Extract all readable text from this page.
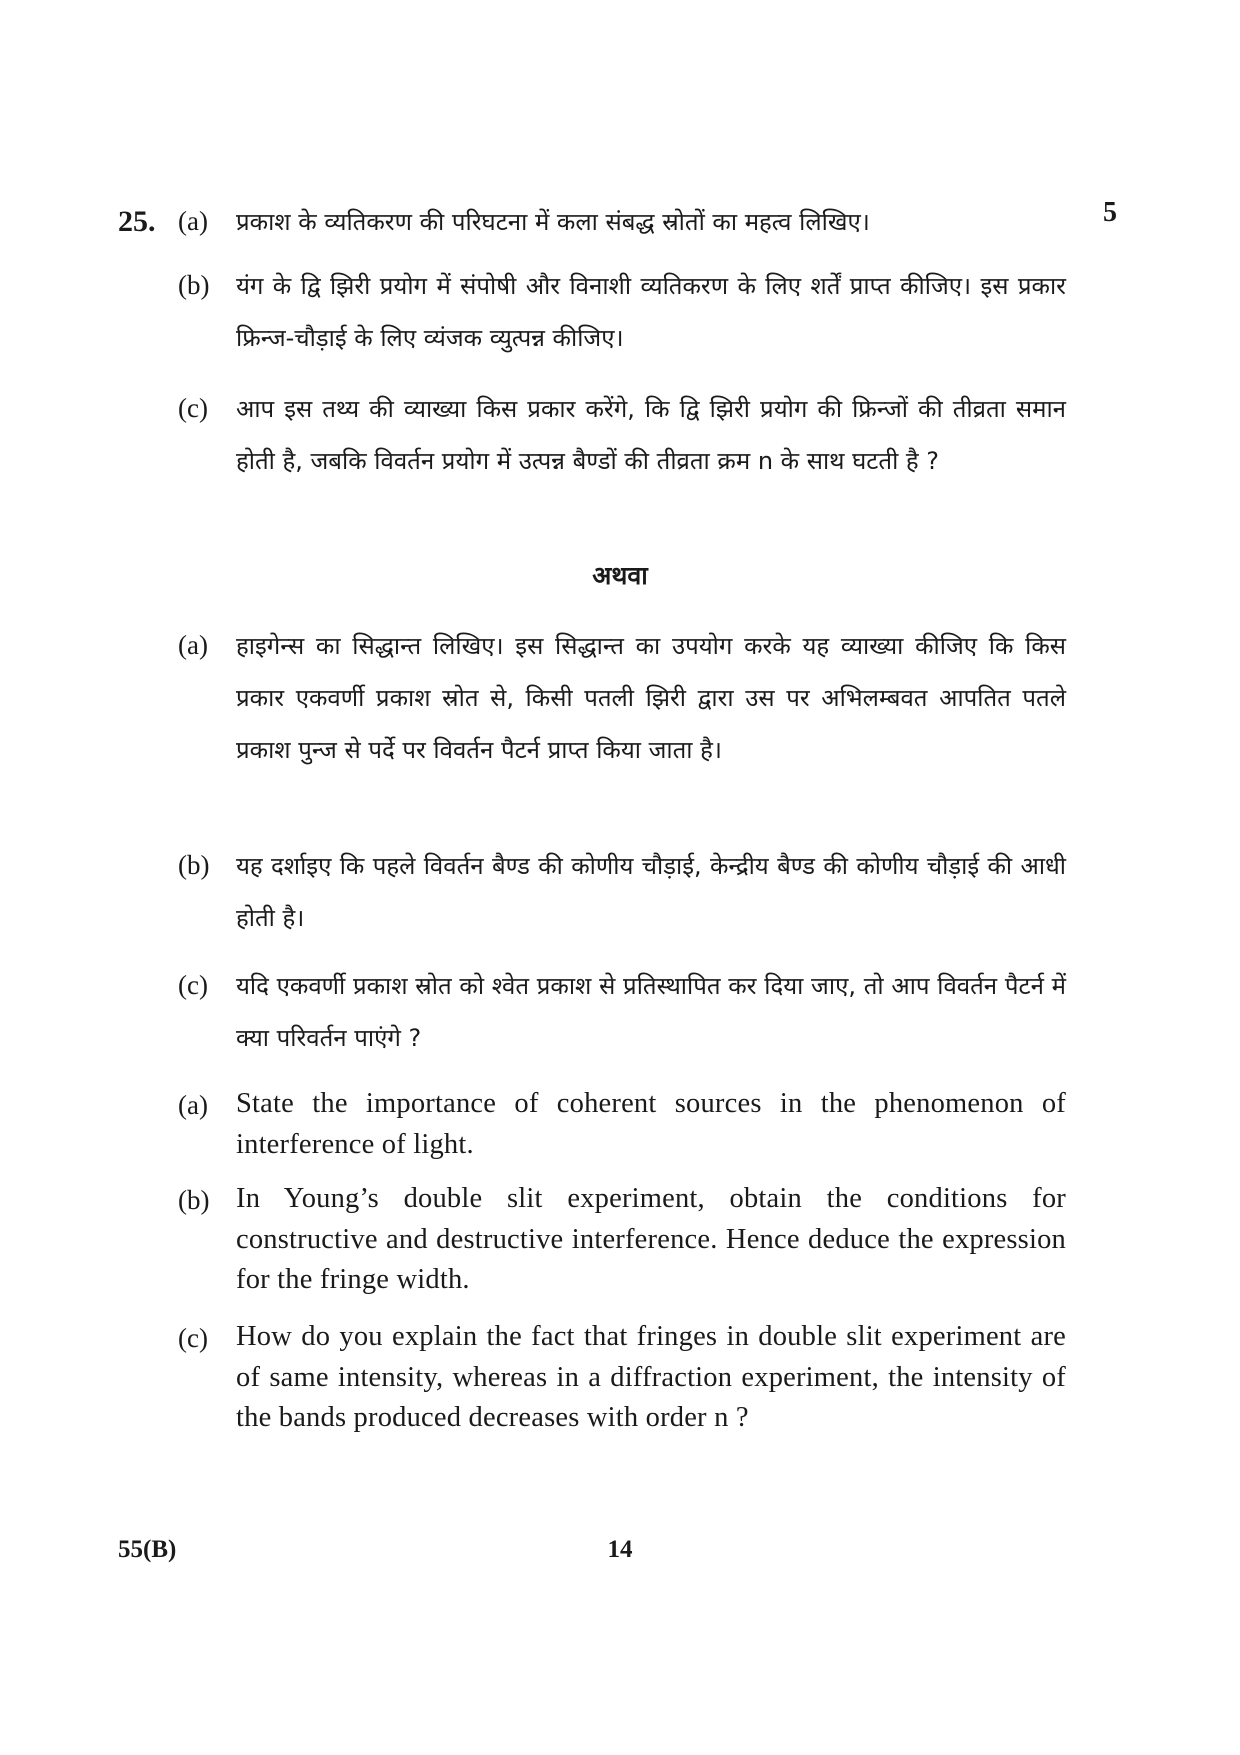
25.	5
(a) प्रकाश के व्यतिकरण की परिघटना में कला संबद्ध स्रोतों का महत्व लिखिए।
(b) यंग के द्वि झिरी प्रयोग में संपोषी और विनाशी व्यतिकरण के लिए शर्तें प्राप्त कीजिए। इस प्रकार फ्रिन्ज-चौड़ाई के लिए व्यंजक व्युत्पन्न कीजिए।
(c) आप इस तथ्य की व्याख्या किस प्रकार करेंगे, कि द्वि झिरी प्रयोग की फ्रिन्जों की तीव्रता समान होती है, जबकि विवर्तन प्रयोग में उत्पन्न बैण्डों की तीव्रता क्रम n के साथ घटती है ?
अथवा
(a) हाइगेन्स का सिद्धान्त लिखिए। इस सिद्धान्त का उपयोग करके यह व्याख्या कीजिए कि किस प्रकार एकवर्णी प्रकाश स्रोत से, किसी पतली झिरी द्वारा उस पर अभिलम्बवत आपतित पतले प्रकाश पुन्ज से पर्दे पर विवर्तन पैटर्न प्राप्त किया जाता है।
(b) यह दर्शाइए कि पहले विवर्तन बैण्ड की कोणीय चौड़ाई, केन्द्रीय बैण्ड की कोणीय चौड़ाई की आधी होती है।
(c) यदि एकवर्णी प्रकाश स्रोत को श्वेत प्रकाश से प्रतिस्थापित कर दिया जाए, तो आप विवर्तन पैटर्न में क्या परिवर्तन पाएंगे ?
(a) State the importance of coherent sources in the phenomenon of interference of light.
(b) In Young’s double slit experiment, obtain the conditions for constructive and destructive interference. Hence deduce the expression for the fringe width.
(c) How do you explain the fact that fringes in double slit experiment are of same intensity, whereas in a diffraction experiment, the intensity of the bands produced decreases with order n ?
55(B)	14
